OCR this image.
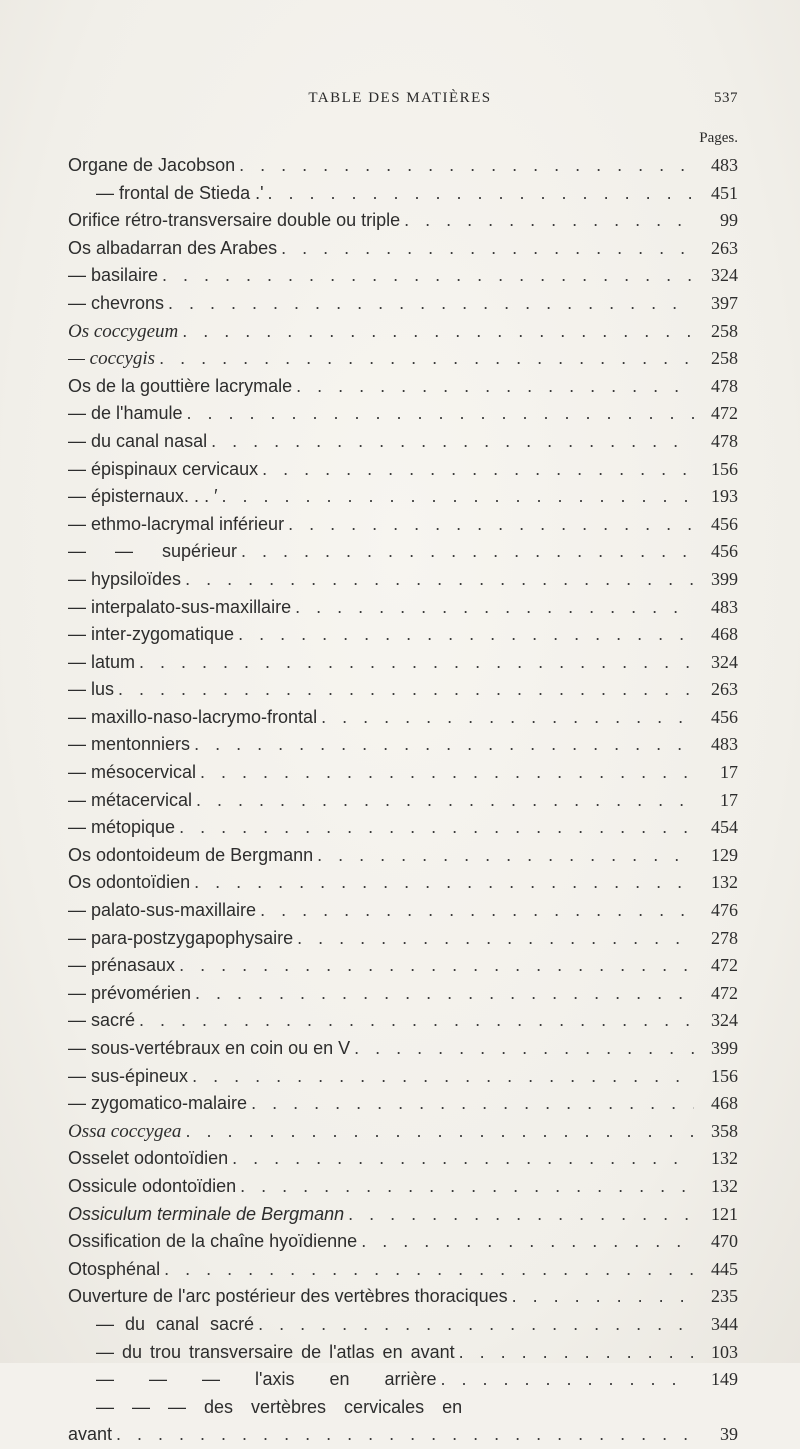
TABLE DES MATIÈRES	537
Pages.
Organe de Jacobson . . .	483
— frontal de Stieda .' . . .	451
Orifice rétro-transversaire double ou triple . . .	99
Os albadarran des Arabes . . .	263
— basilaire . . .	324
— chevrons . . .	397
Os coccygeum . . .	258
— coccygis . . .	258
Os de la gouttière lacrymale . . .	478
— de l'hamule . . .	472
— du canal nasal . . .	478
— épispinaux cervicaux . . .	156
— épisternaux. . . ′ . . .	193
— ethmo-lacrymal inférieur . . .	456
— — supérieur . . .	456
— hypsiloïdes . . .	399
— interpalato-sus-maxillaire . . .	483
— inter-zygomatique . . .	468
— latum . . .	324
— lus . . .	263
— maxillo-naso-lacrymo-frontal . . .	456
— mentonniers . . .	483
— mésocervical . . .	17
— métacervical . . .	17
— métopique . . .	454
Os odontoideum de Bergmann . . .	129
Os odontoïdien . . .	132
— palato-sus-maxillaire . . .	476
— para-postzygapophysaire . . .	278
— prénasaux . . .	472
— prévomérien . . .	472
— sacré . . .	324
— sous-vertébraux en coin ou en V . . .	399
— sus-épineux . . .	156
— zygomatico-malaire . . .	468
Ossa coccygea . . .	358
Osselet odontoïdien . . .	132
Ossicule odontoïdien . . .	132
Ossiculum terminale de Bergmann . . .	121
Ossification de la chaîne hyoïdienne . . .	470
Otosphénal . . .	445
Ouverture de l'arc postérieur des vertèbres thoraciques . . .	235
— du canal sacré . . .	344
— du trou transversaire de l'atlas en avant . . .	103
— — — l'axis en arrière . . .	149
— — — des vertèbres cervicales en
avant . . .	39
